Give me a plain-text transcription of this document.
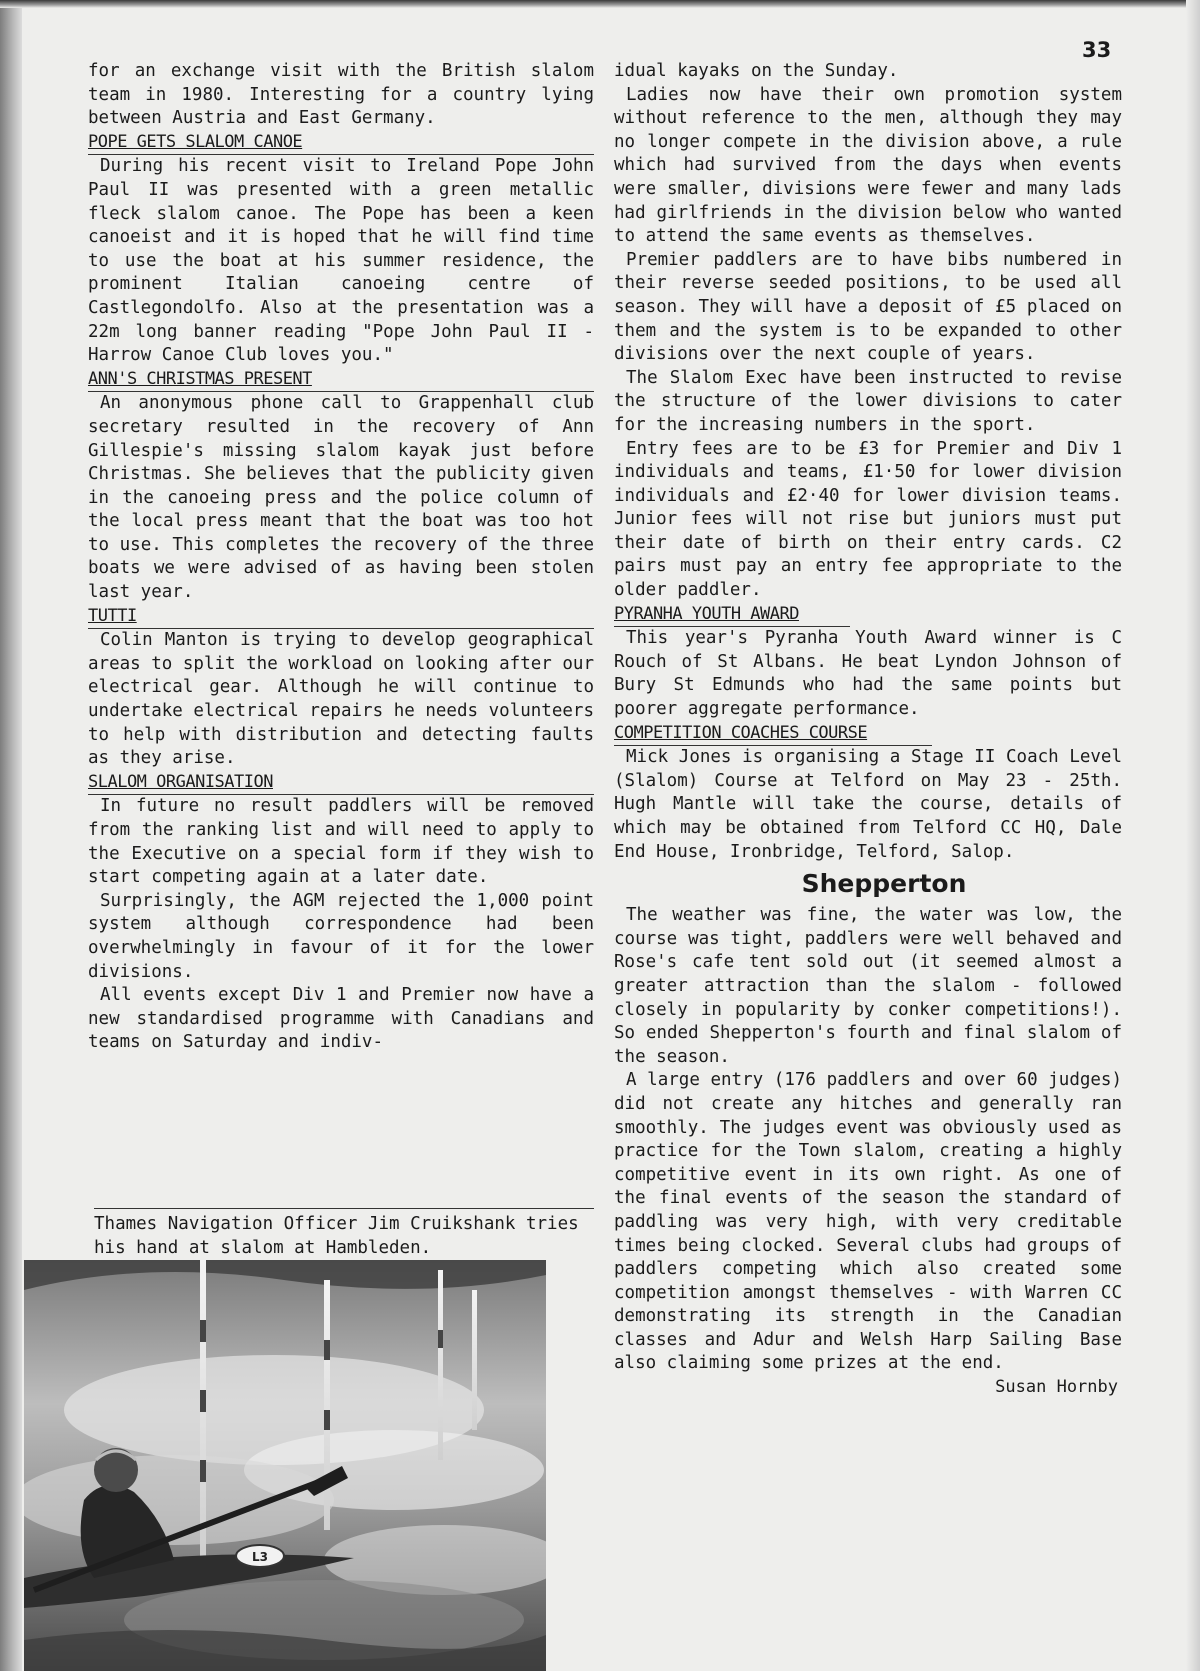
33

for an exchange visit with the British slalom team in 1980. Interesting for a country lying between Austria and East Germany.

POPE GETS SLALOM CANOE

During his recent visit to Ireland Pope John Paul II was presented with a green metallic fleck slalom canoe. The Pope has been a keen canoeist and it is hoped that he will find time to use the boat at his summer residence, the prominent Italian canoeing centre of Castlegondolfo. Also at the presentation was a 22m long banner reading "Pope John Paul II - Harrow Canoe Club loves you."

ANN'S CHRISTMAS PRESENT

An anonymous phone call to Grappenhall club secretary resulted in the recovery of Ann Gillespie's missing slalom kayak just before Christmas. She believes that the publicity given in the canoeing press and the police column of the local press meant that the boat was too hot to use. This completes the recovery of the three boats we were advised of as having been stolen last year.

TUTTI

Colin Manton is trying to develop geographical areas to split the workload on looking after our electrical gear. Although he will continue to undertake electrical repairs he needs volunteers to help with distribution and detecting faults as they arise.

SLALOM ORGANISATION

In future no result paddlers will be removed from the ranking list and will need to apply to the Executive on a special form if they wish to start competing again at a later date.

Surprisingly, the AGM rejected the 1,000 point system although correspondence had been overwhelmingly in favour of it for the lower divisions.

All events except Div 1 and Premier now have a new standardised programme with Canadians and teams on Saturday and indiv-

Thames Navigation Officer Jim Cruikshank tries his hand at slalom at Hambleden.

L3

idual kayaks on the Sunday.

Ladies now have their own promotion system without reference to the men, although they may no longer compete in the division above, a rule which had survived from the days when events were smaller, divisions were fewer and many lads had girlfriends in the division below who wanted to attend the same events as themselves.

Premier paddlers are to have bibs numbered in their reverse seeded positions, to be used all season. They will have a deposit of £5 placed on them and the system is to be expanded to other divisions over the next couple of years.

The Slalom Exec have been instructed to revise the structure of the lower divisions to cater for the increasing numbers in the sport.

Entry fees are to be £3 for Premier and Div 1 individuals and teams, £1·50 for lower division individuals and £2·40 for lower division teams. Junior fees will not rise but juniors must put their date of birth on their entry cards. C2 pairs must pay an entry fee appropriate to the older paddler.

PYRANHA YOUTH AWARD

This year's Pyranha Youth Award winner is C Rouch of St Albans. He beat Lyndon Johnson of Bury St Edmunds who had the same points but poorer aggregate performance.

COMPETITION COACHES COURSE

Mick Jones is organising a Stage II Coach Level (Slalom) Course at Telford on May 23 - 25th. Hugh Mantle will take the course, details of which may be obtained from Telford CC HQ, Dale End House, Ironbridge, Telford, Salop.

Shepperton

The weather was fine, the water was low, the course was tight, paddlers were well behaved and Rose's cafe tent sold out (it seemed almost a greater attraction than the slalom - followed closely in popularity by conker competitions!). So ended Shepperton's fourth and final slalom of the season.

A large entry (176 paddlers and over 60 judges) did not create any hitches and generally ran smoothly. The judges event was obviously used as practice for the Town slalom, creating a highly competitive event in its own right. As one of the final events of the season the standard of paddling was very high, with very creditable times being clocked. Several clubs had groups of paddlers competing which also created some competition amongst themselves - with Warren CC demonstrating its strength in the Canadian classes and Adur and Welsh Harp Sailing Base also claiming some prizes at the end.

Susan Hornby
